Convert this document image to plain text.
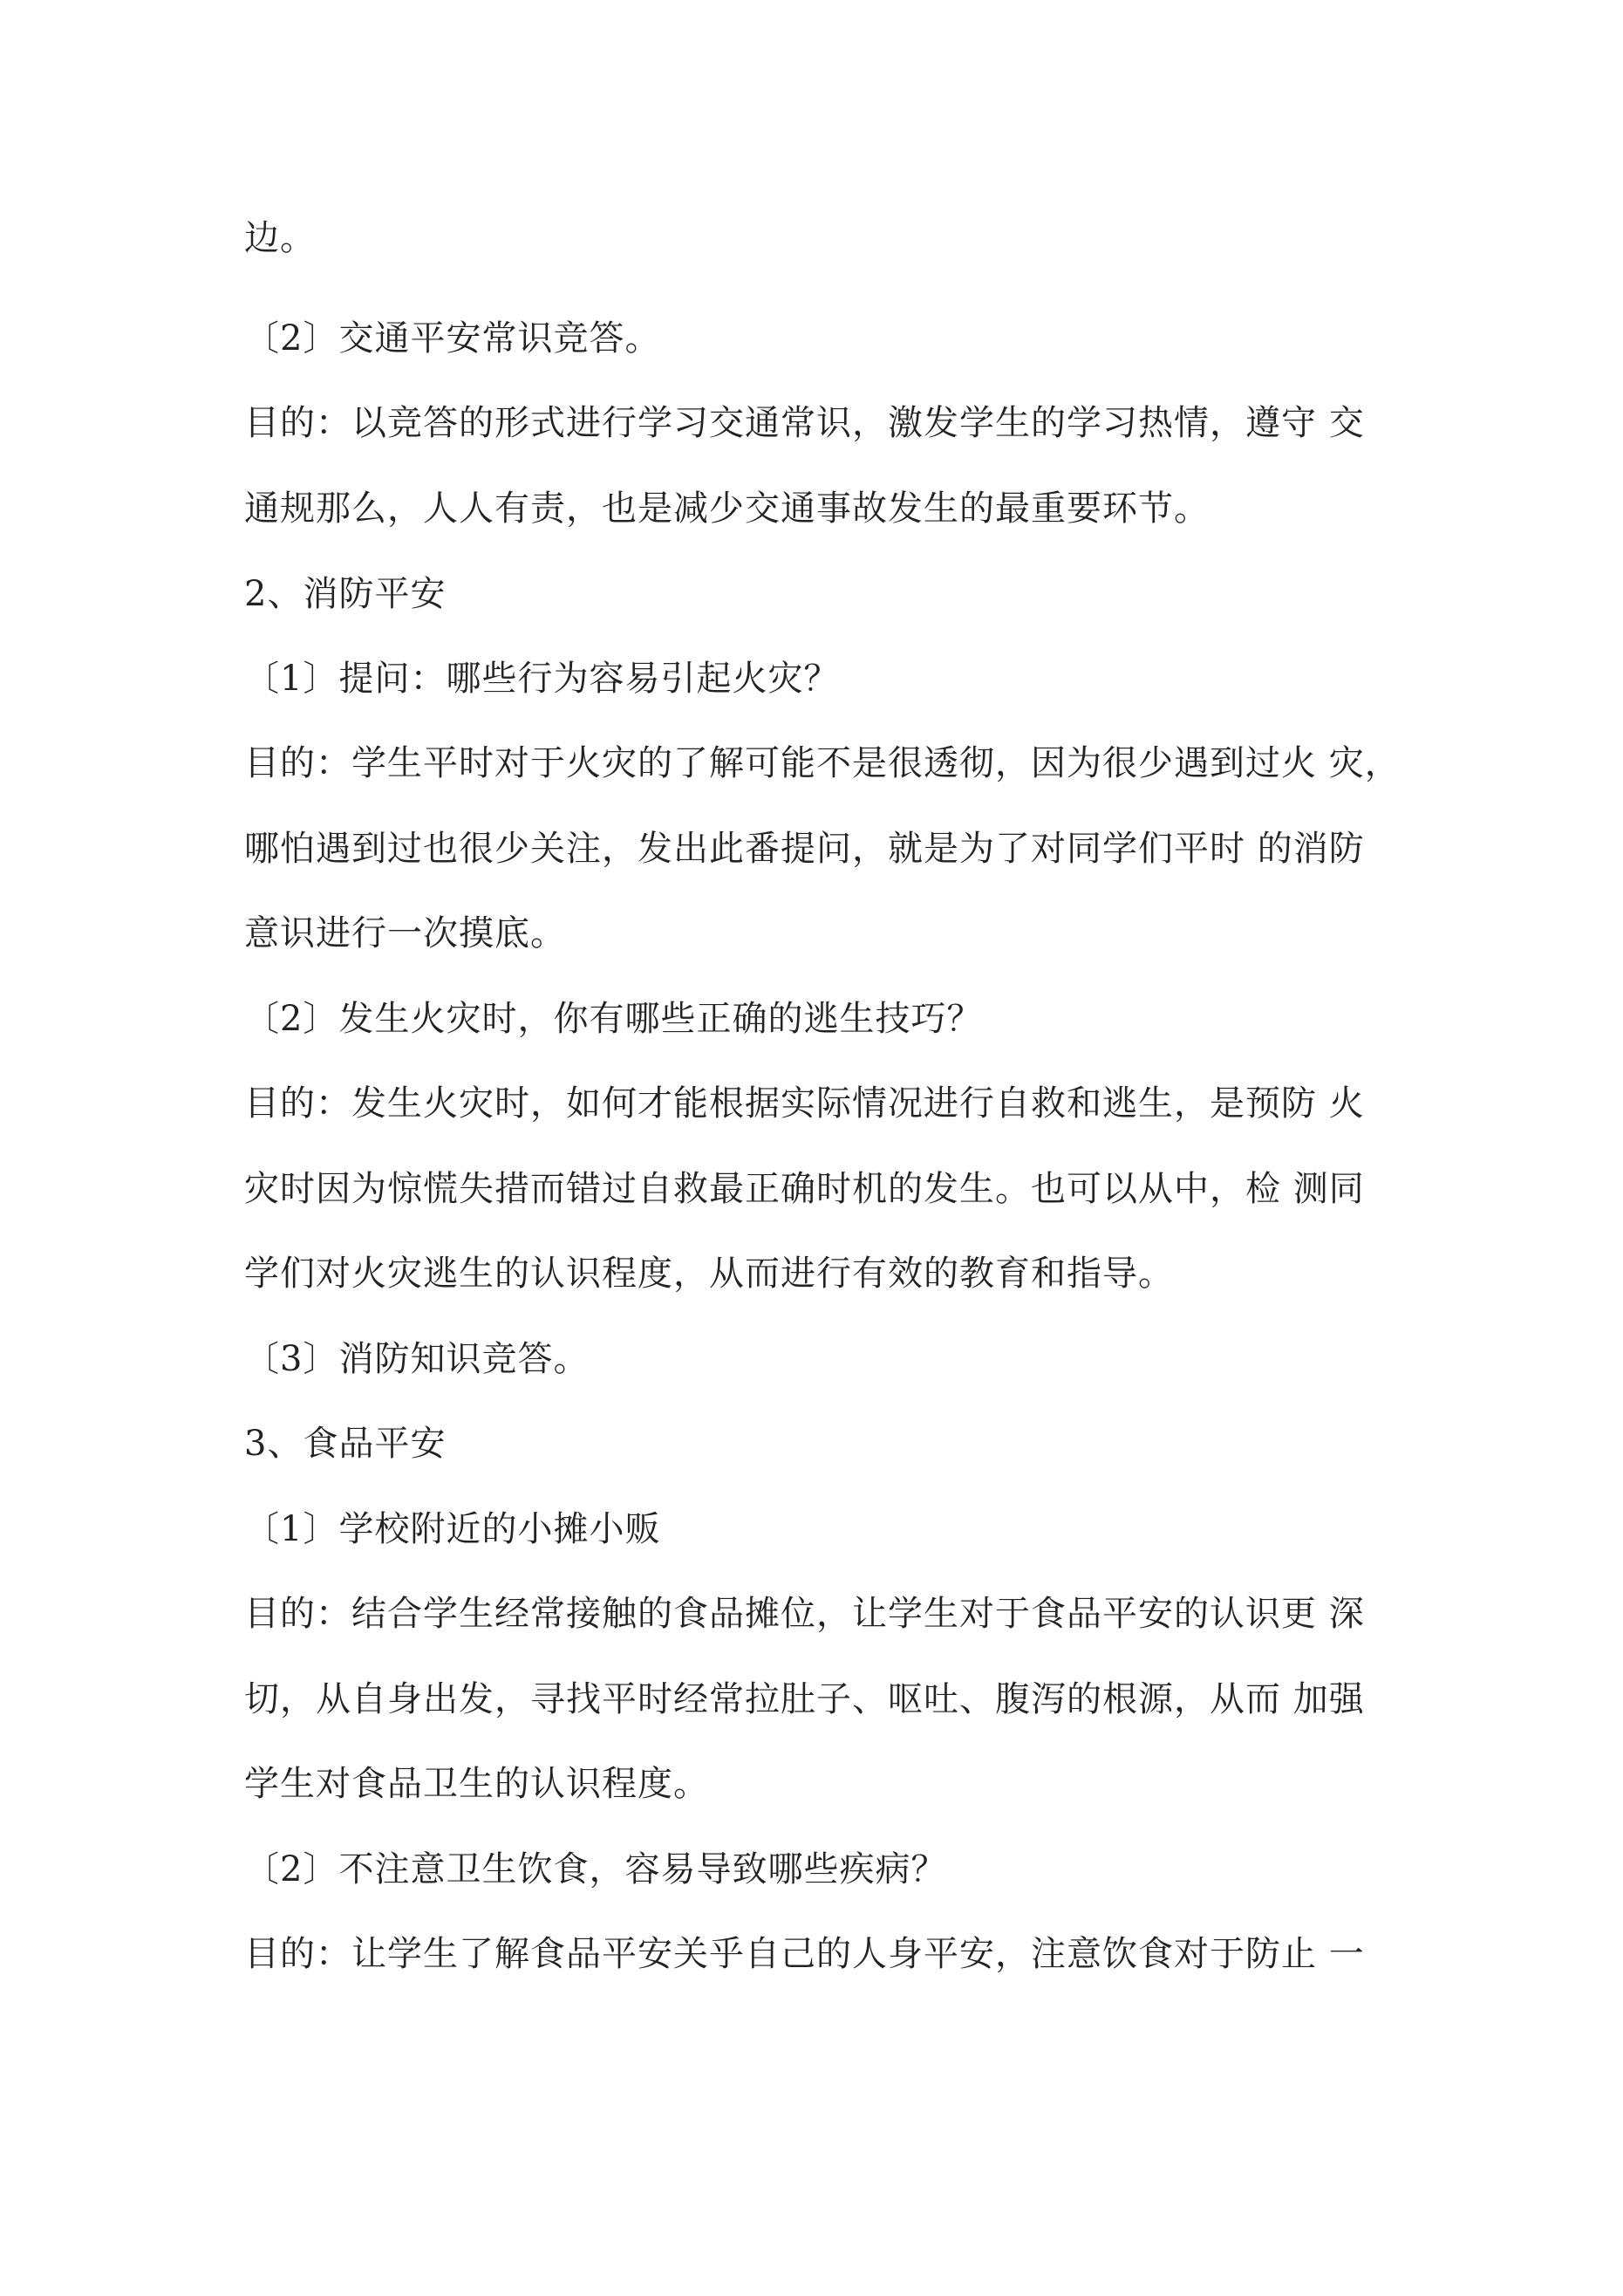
边。
〔2〕交通平安常识竞答。
目的：以竞答的形式进行学习交通常识，激发学生的学习热情，遵守 交
通规那么，人人有责，也是减少交通事故发生的最重要环节。
2、消防平安
〔1〕提问：哪些行为容易引起火灾？
目的：学生平时对于火灾的了解可能不是很透彻，因为很少遇到过火 灾，
哪怕遇到过也很少关注，发出此番提问，就是为了对同学们平时 的消防
意识进行一次摸底。
〔2〕发生火灾时，你有哪些正确的逃生技巧？
目的：发生火灾时，如何才能根据实际情况进行自救和逃生，是预防 火
灾时因为惊慌失措而错过自救最正确时机的发生。也可以从中，检 测同
学们对火灾逃生的认识程度，从而进行有效的教育和指导。
〔3〕消防知识竞答。
3、食品平安
〔1〕学校附近的小摊小贩
目的：结合学生经常接触的食品摊位，让学生对于食品平安的认识更 深
切，从自身出发，寻找平时经常拉肚子、呕吐、腹泻的根源，从而 加强
学生对食品卫生的认识程度。
〔2〕不注意卫生饮食，容易导致哪些疾病？
目的：让学生了解食品平安关乎自己的人身平安，注意饮食对于防止 一
